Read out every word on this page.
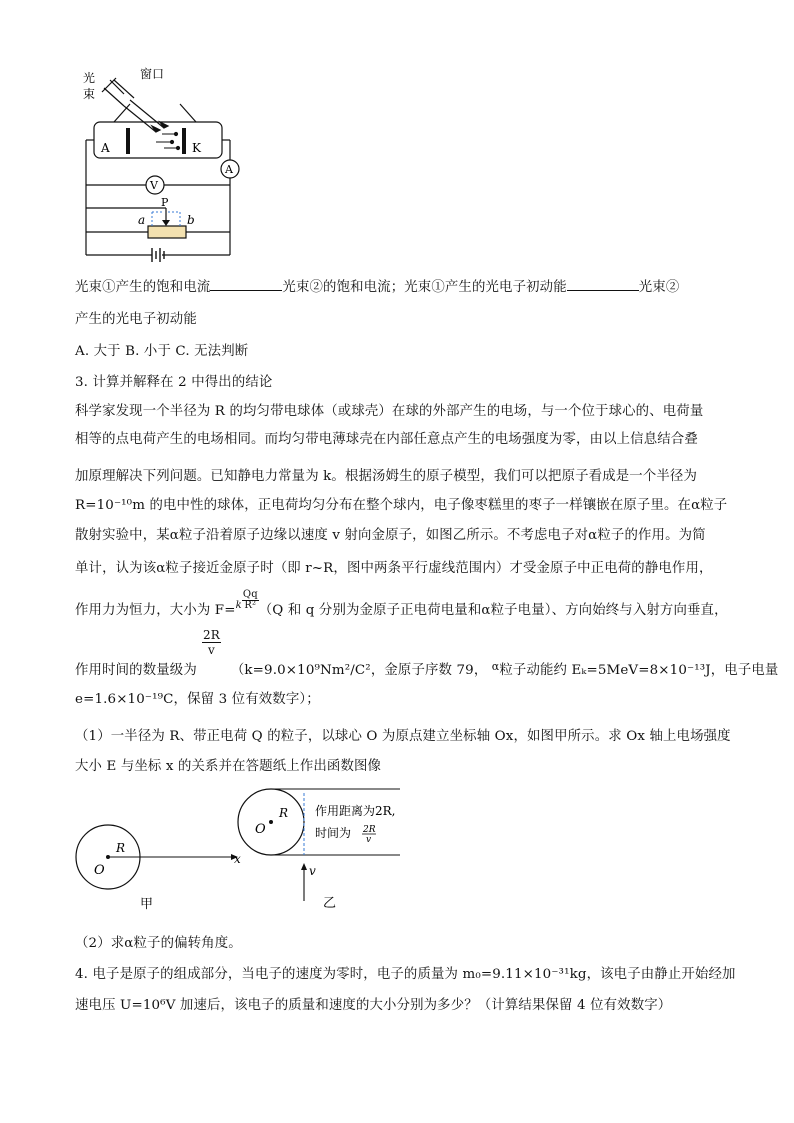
光
束
窗口
A	K
A
V
P
a	b
光束①产生的饱和电流	光束②的饱和电流；光束①产生的光电子初动能	光束②
产生的光电子初动能
A. 大于 B. 小于 C. 无法判断
3. 计算并解释在 2 中得出的结论
科学家发现一个半径为 R 的均匀带电球体（或球壳）在球的外部产生的电场，与一个位于球心的、电荷量
相等的点电荷产生的电场相同。而均匀带电薄球壳在内部任意点产生的电场强度为零，由以上信息结合叠
加原理解决下列问题。已知静电力常量为 k。根据汤姆生的原子模型，我们可以把原子看成是一个半径为
R=10⁻¹⁰m 的电中性的球体，正电荷均匀分布在整个球内，电子像枣糕里的枣子一样镶嵌在原子里。在α粒子
散射实验中，某α粒子沿着原子边缘以速度 v 射向金原子，如图乙所示。不考虑电子对α粒子的作用。为简
单计，认为该α粒子接近金原子时（即 r~R，图中两条平行虚线范围内）才受金原子中正电荷的静电作用，
作用力为恒力，大小为 $F=^k \frac{Qq}{\text{R²}} (Q$ 和 q 分别为金原子正电荷电量和α粒子电量）、方向始终与入射方向垂直，
$\frac{2R}{v}$
作用时间的数量级为	（k=9.0×10⁹Nm²/C²，金原子序数 79， $^\alpha$粒子动能约 Eₖ=5MeV=8×10⁻¹³J，电子电量
e=1.6×10⁻¹⁹C，保留 3 位有效数字）；
（1）一半径为 R、带正电荷 Q 的粒子，以球心 O 为原点建立坐标轴 Ox，如图甲所示。求 Ox 轴上电场强度
大小 E 与坐标 x 的关系并在答题纸上作出函数图像
O
R
x
甲
O
R 作用距离为2R,
时间为 2R
v
v
乙
（2）求α粒子的偏转角度。
4. 电子是原子的组成部分，当电子的速度为零时，电子的质量为 m₀=9.11×10⁻³¹kg，该电子由静止开始经加
速电压 U=10⁶V 加速后，该电子的质量和速度的大小分别为多少？（计算结果保留 4 位有效数字）
